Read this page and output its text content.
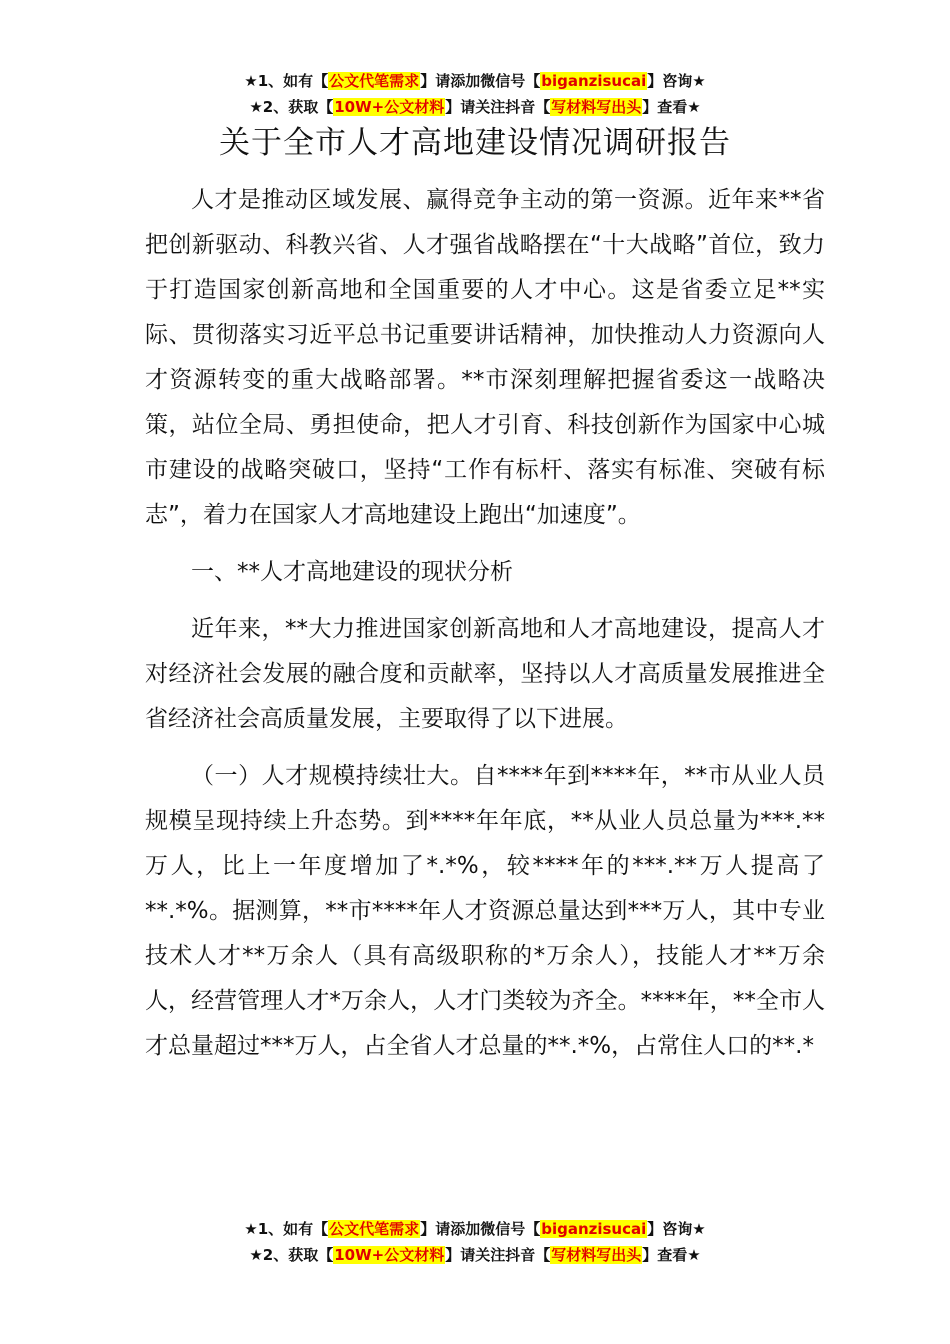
★1、如有【公文代笔需求】请添加微信号【biganzisucai】咨询★
★2、获取【10W+公文材料】请关注抖音【写材料写出头】查看★
关于全市人才高地建设情况调研报告

人才是推动区域发展、赢得竞争主动的第一资源。近年来**省把创新驱动、科教兴省、人才强省战略摆在“十大战略”首位，致力于打造国家创新高地和全国重要的人才中心。这是省委立足**实际、贯彻落实习近平总书记重要讲话精神，加快推动人力资源向人才资源转变的重大战略部署。**市深刻理解把握省委这一战略决策，站位全局、勇担使命，把人才引育、科技创新作为国家中心城市建设的战略突破口，坚持“工作有标杆、落实有标准、突破有标志”，着力在国家人才高地建设上跑出“加速度”。

一、**人才高地建设的现状分析

近年来，**大力推进国家创新高地和人才高地建设，提高人才对经济社会发展的融合度和贡献率，坚持以人才高质量发展推进全省经济社会高质量发展，主要取得了以下进展。

（一）人才规模持续壮大。自****年到****年，**市从业人员规模呈现持续上升态势。到****年年底，**从业人员总量为***.**万人，比上一年度增加了*.*%，较****年的***.**万人提高了**.*%。据测算，**市****年人才资源总量达到***万人，其中专业技术人才**万余人（具有高级职称的*万余人），技能人才**万余人，经营管理人才*万余人，人才门类较为齐全。****年，**全市人才总量超过***万人，占全省人才总量的**.*%，占常住人口的**.*

★1、如有【公文代笔需求】请添加微信号【biganzisucai】咨询★
★2、获取【10W+公文材料】请关注抖音【写材料写出头】查看★
